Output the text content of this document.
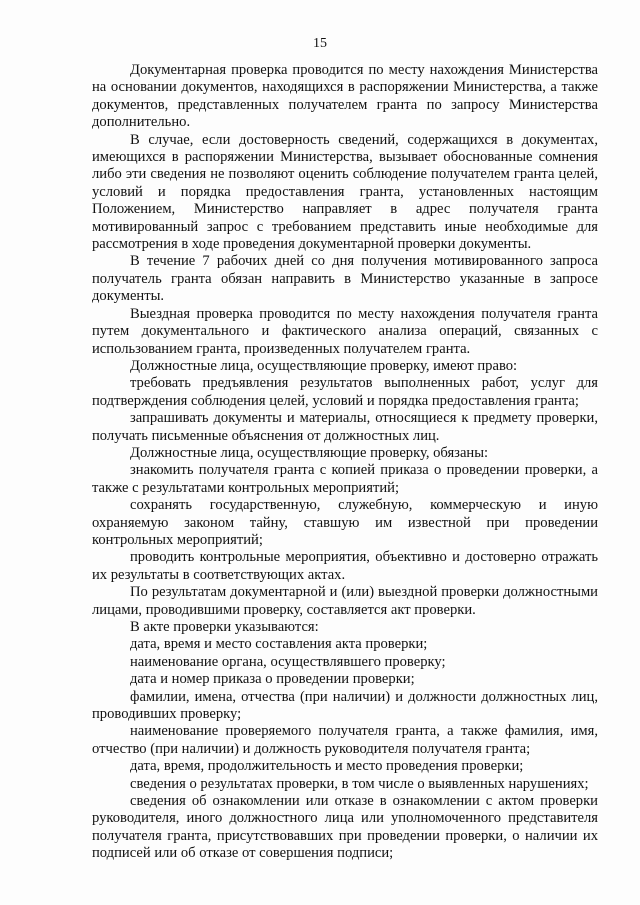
15

Документарная проверка проводится по месту нахождения Министерства на основании документов, находящихся в распоряжении Министерства, а также документов, представленных получателем гранта по запросу Министерства дополнительно.

В случае, если достоверность сведений, содержащихся в документах, имеющихся в распоряжении Министерства, вызывает обоснованные сомнения либо эти сведения не позволяют оценить соблюдение получателем гранта целей, условий и порядка предоставления гранта, установленных настоящим Положением, Министерство направляет в адрес получателя гранта мотивированный запрос с требованием представить иные необходимые для рассмотрения в ходе проведения документарной проверки документы.

В течение 7 рабочих дней со дня получения мотивированного запроса получатель гранта обязан направить в Министерство указанные в запросе документы.

Выездная проверка проводится по месту нахождения получателя гранта путем документального и фактического анализа операций, связанных с использованием гранта, произведенных получателем гранта.

Должностные лица, осуществляющие проверку, имеют право:

требовать предъявления результатов выполненных работ, услуг для подтверждения соблюдения целей, условий и порядка предоставления гранта;

запрашивать документы и материалы, относящиеся к предмету проверки, получать письменные объяснения от должностных лиц.

Должностные лица, осуществляющие проверку, обязаны:

знакомить получателя гранта с копией приказа о проведении проверки, а также с результатами контрольных мероприятий;

сохранять государственную, служебную, коммерческую и иную охраняемую законом тайну, ставшую им известной при проведении контрольных мероприятий;

проводить контрольные мероприятия, объективно и достоверно отражать их результаты в соответствующих актах.

По результатам документарной и (или) выездной проверки должностными лицами, проводившими проверку, составляется акт проверки.

В акте проверки указываются:

дата, время и место составления акта проверки;

наименование органа, осуществлявшего проверку;

дата и номер приказа о проведении проверки;

фамилии, имена, отчества (при наличии) и должности должностных лиц, проводивших проверку;

наименование проверяемого получателя гранта, а также фамилия, имя, отчество (при наличии) и должность руководителя получателя гранта;

дата, время, продолжительность и место проведения проверки;

сведения о результатах проверки, в том числе о выявленных нарушениях;

сведения об ознакомлении или отказе в ознакомлении с актом проверки руководителя, иного должностного лица или уполномоченного представителя получателя гранта, присутствовавших при проведении проверки, о наличии их подписей или об отказе от совершения подписи;
